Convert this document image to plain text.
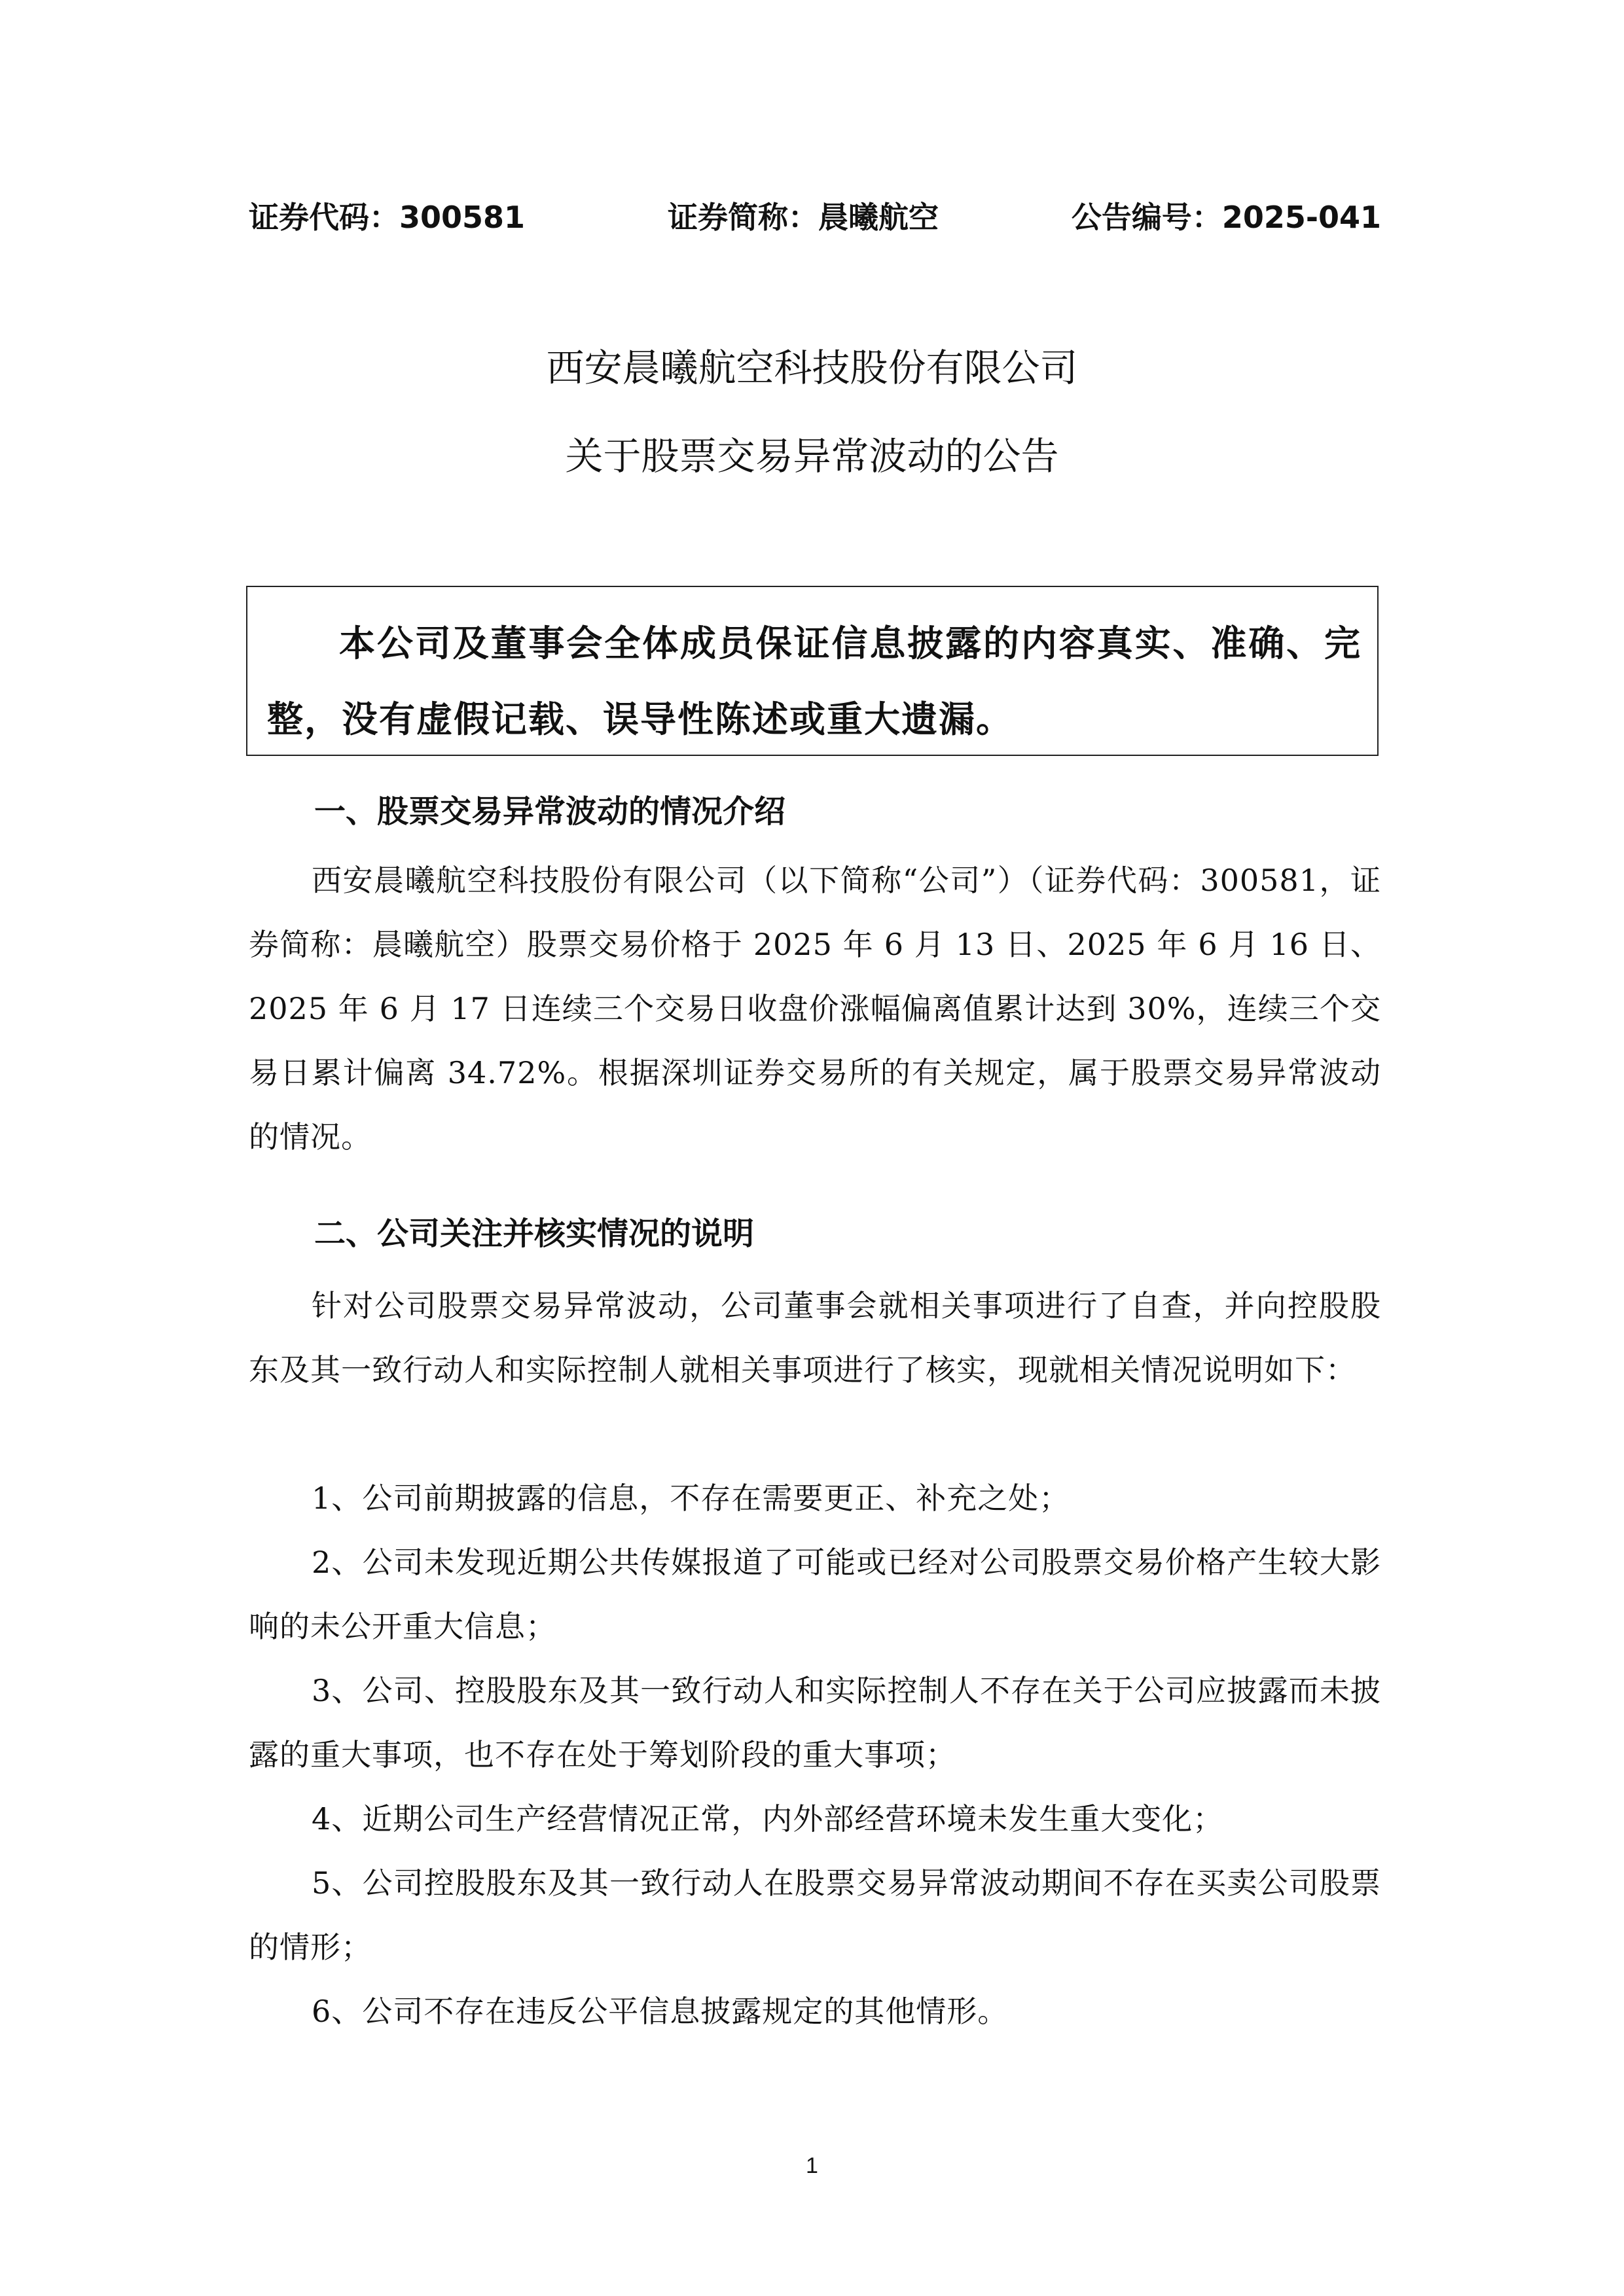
证券代码：300581	证券简称：晨曦航空	公告编号：2025-041
西安晨曦航空科技股份有限公司
关于股票交易异常波动的公告
本公司及董事会全体成员保证信息披露的内容真实、准确、完整，没有虚假记载、误导性陈述或重大遗漏。
一、股票交易异常波动的情况介绍
西安晨曦航空科技股份有限公司（以下简称“公司”）（证券代码：300581，证券简称：晨曦航空）股票交易价格于 2025 年 6 月 13 日、2025 年 6 月 16 日、2025 年 6 月 17 日连续三个交易日收盘价涨幅偏离值累计达到 30%，连续三个交易日累计偏离 34.72%。根据深圳证券交易所的有关规定，属于股票交易异常波动的情况。
二、公司关注并核实情况的说明
针对公司股票交易异常波动，公司董事会就相关事项进行了自查，并向控股股东及其一致行动人和实际控制人就相关事项进行了核实，现就相关情况说明如下：
1、公司前期披露的信息，不存在需要更正、补充之处；
2、公司未发现近期公共传媒报道了可能或已经对公司股票交易价格产生较大影响的未公开重大信息；
3、公司、控股股东及其一致行动人和实际控制人不存在关于公司应披露而未披露的重大事项，也不存在处于筹划阶段的重大事项；
4、近期公司生产经营情况正常，内外部经营环境未发生重大变化；
5、公司控股股东及其一致行动人在股票交易异常波动期间不存在买卖公司股票的情形；
6、公司不存在违反公平信息披露规定的其他情形。
1
